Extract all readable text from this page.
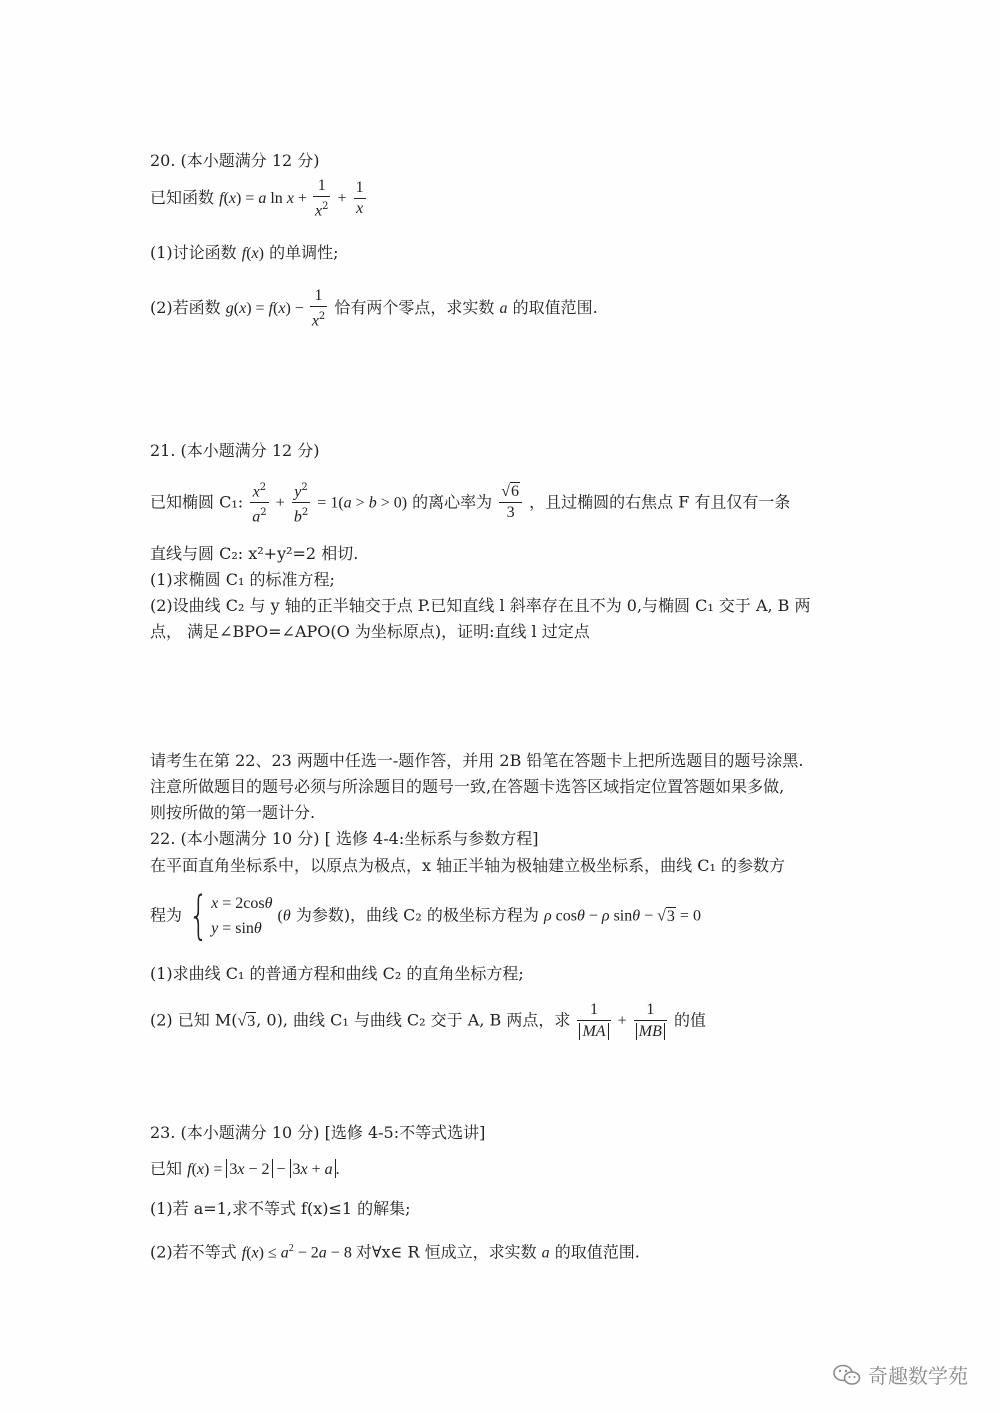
20. (本小题满分 12 分)
已知函数 f(x) = a $\ln x + \frac{1}{x^2} + \frac{1}{x}$
(1)讨论函数 f(x) 的单调性;
(2)若函数 $g(x) = f(x) - \frac{1}{x^2}$ 恰有两个零点，求实数 a 的取值范围.
21. (本小题满分 12 分)
已知椭圆 C₁: $\frac{x^2}{a^2} + \frac{y^2}{b^2} = 1(a > b > 0)$ 的离心率为 $\frac{√6}{3}$ ，且过椭圆的右焦点 F 有且仅有一条
直线与圆 C₂: x²+y²=2 相切.
(1)求椭圆 C₁ 的标准方程;
(2)设曲线 C₂ 与 y 轴的正半轴交于点 P.已知直线 l 斜率存在且不为 0,与椭圆 C₁ 交于 A, B 两
点， 满足∠BPO=∠APO(O 为坐标原点)，证明:直线 l 过定点
请考生在第 22、23 两题中任选一-题作答，并用 2B 铅笔在答题卡上把所选题目的题号涂黑.
注意所做题目的题号必须与所涂题目的题号一致,在答题卡选答区域指定位置答题如果多做,
则按所做的第一题计分.
22. (本小题满分 10 分) [ 选修 4-4:坐标系与参数方程]
在平面直角坐标系中，以原点为极点，x 轴正半轴为极轴建立极坐标系，曲线 C₁ 的参数方
程为 { x = 2cosθ
y = sinθ
(θ 为参数)，曲线 C₂ 的极坐标方程为 ρ cosθ − ρ sinθ − √3 = 0
(1)求曲线 C₁ 的普通方程和曲线 C₂ 的直角坐标方程;
(2) 已知 M(√3, 0), 曲线 C₁ 与曲线 C₂ 交于 A, B 两点，求 $\frac{1}{MA} + \frac{1}{MB}$ 的值
23. (本小题满分 10 分) [选修 4-5:不等式选讲]
已知 f(x) = 3x − 2 − 3x + a .
(1)若 a=1,求不等式 f(x)≤1 的解集;
(2)若不等式 $f(x) \le a^2 - 2a - 8$ 对∀x∈ R 恒成立，求实数 a 的取值范围.
奇趣数学苑
